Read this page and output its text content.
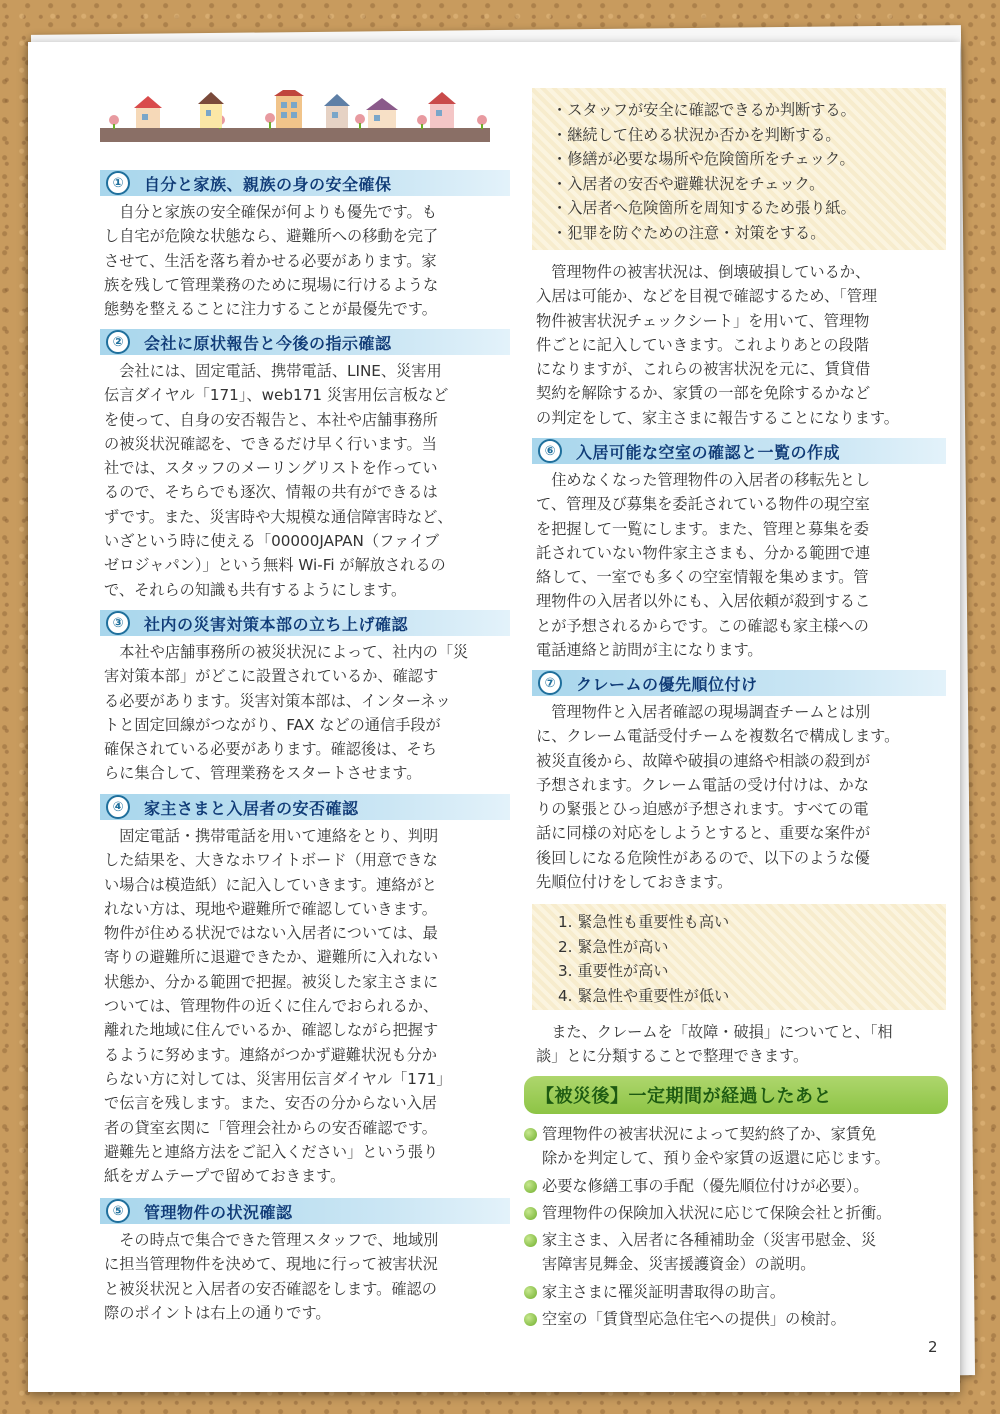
①	自分と家族、親族の身の安全確保
　自分と家族の安全確保が何よりも優先です。も
し自宅が危険な状態なら、避難所への移動を完了
させて、生活を落ち着かせる必要があります。家
族を残して管理業務のために現場に行けるような
態勢を整えることに注力することが最優先です。
②	会社に原状報告と今後の指示確認
　会社には、固定電話、携帯電話、LINE、災害用
伝言ダイヤル「171」、web171 災害用伝言板など
を使って、自身の安否報告と、本社や店舗事務所
の被災状況確認を、できるだけ早く行います。当
社では、スタッフのメーリングリストを作ってい
るので、そちらでも逐次、情報の共有ができるは
ずです。また、災害時や大規模な通信障害時など、
いざという時に使える「00000JAPAN（ファイブ
ゼロジャパン）」という無料 Wi-Fi が解放されるの
で、それらの知識も共有するようにします。
③	社内の災害対策本部の立ち上げ確認
　本社や店舗事務所の被災状況によって、社内の「災
害対策本部」がどこに設置されているか、確認す
る必要があります。災害対策本部は、インターネッ
トと固定回線がつながり、FAX などの通信手段が
確保されている必要があります。確認後は、そち
らに集合して、管理業務をスタートさせます。
④	家主さまと入居者の安否確認
　固定電話・携帯電話を用いて連絡をとり、判明
した結果を、大きなホワイトボード（用意できな
い場合は模造紙）に記入していきます。連絡がと
れない方は、現地や避難所で確認していきます。
物件が住める状況ではない入居者については、最
寄りの避難所に退避できたか、避難所に入れない
状態か、分かる範囲で把握。被災した家主さまに
ついては、管理物件の近くに住んでおられるか、
離れた地域に住んでいるか、確認しながら把握す
るように努めます。連絡がつかず避難状況も分か
らない方に対しては、災害用伝言ダイヤル「171」
で伝言を残します。また、安否の分からない入居
者の貸室玄関に「管理会社からの安否確認です。
避難先と連絡方法をご記入ください」という張り
紙をガムテープで留めておきます。
⑤	管理物件の状況確認
　その時点で集合できた管理スタッフで、地域別
に担当管理物件を決めて、現地に行って被害状況
と被災状況と入居者の安否確認をします。確認の
際のポイントは右上の通りです。
・スタッフが安全に確認できるか判断する。
・継続して住める状況か否かを判断する。
・修繕が必要な場所や危険箇所をチェック。
・入居者の安否や避難状況をチェック。
・入居者へ危険箇所を周知するため張り紙。
・犯罪を防ぐための注意・対策をする。
　管理物件の被害状況は、倒壊破損しているか、
入居は可能か、などを目視で確認するため、「管理
物件被害状況チェックシート」を用いて、管理物
件ごとに記入していきます。これよりあとの段階
になりますが、これらの被害状況を元に、賃貸借
契約を解除するか、家賃の一部を免除するかなど
の判定をして、家主さまに報告することになります。
⑥	入居可能な空室の確認と一覧の作成
　住めなくなった管理物件の入居者の移転先とし
て、管理及び募集を委託されている物件の現空室
を把握して一覧にします。また、管理と募集を委
託されていない物件家主さまも、分かる範囲で連
絡して、一室でも多くの空室情報を集めます。管
理物件の入居者以外にも、入居依頼が殺到するこ
とが予想されるからです。この確認も家主様への
電話連絡と訪問が主になります。
⑦	クレームの優先順位付け
　管理物件と入居者確認の現場調査チームとは別
に、クレーム電話受付チームを複数名で構成します。
被災直後から、故障や破損の連絡や相談の殺到が
予想されます。クレーム電話の受け付けは、かな
りの緊張とひっ迫感が予想されます。すべての電
話に同様の対応をしようとすると、重要な案件が
後回しになる危険性があるので、以下のような優
先順位付けをしておきます。
1. 緊急性も重要性も高い
2. 緊急性が高い
3. 重要性が高い
4. 緊急性や重要性が低い
　また、クレームを「故障・破損」についてと、「相
談」とに分類することで整理できます。
【被災後】一定期間が経過したあと
管理物件の被害状況によって契約終了か、家賃免
除かを判定して、預り金や家賃の返還に応じます。
必要な修繕工事の手配（優先順位付けが必要）。
管理物件の保険加入状況に応じて保険会社と折衝。
家主さま、入居者に各種補助金（災害弔慰金、災
害障害見舞金、災害援護資金）の説明。
家主さまに罹災証明書取得の助言。
空室の「賃貸型応急住宅への提供」の検討。
2
